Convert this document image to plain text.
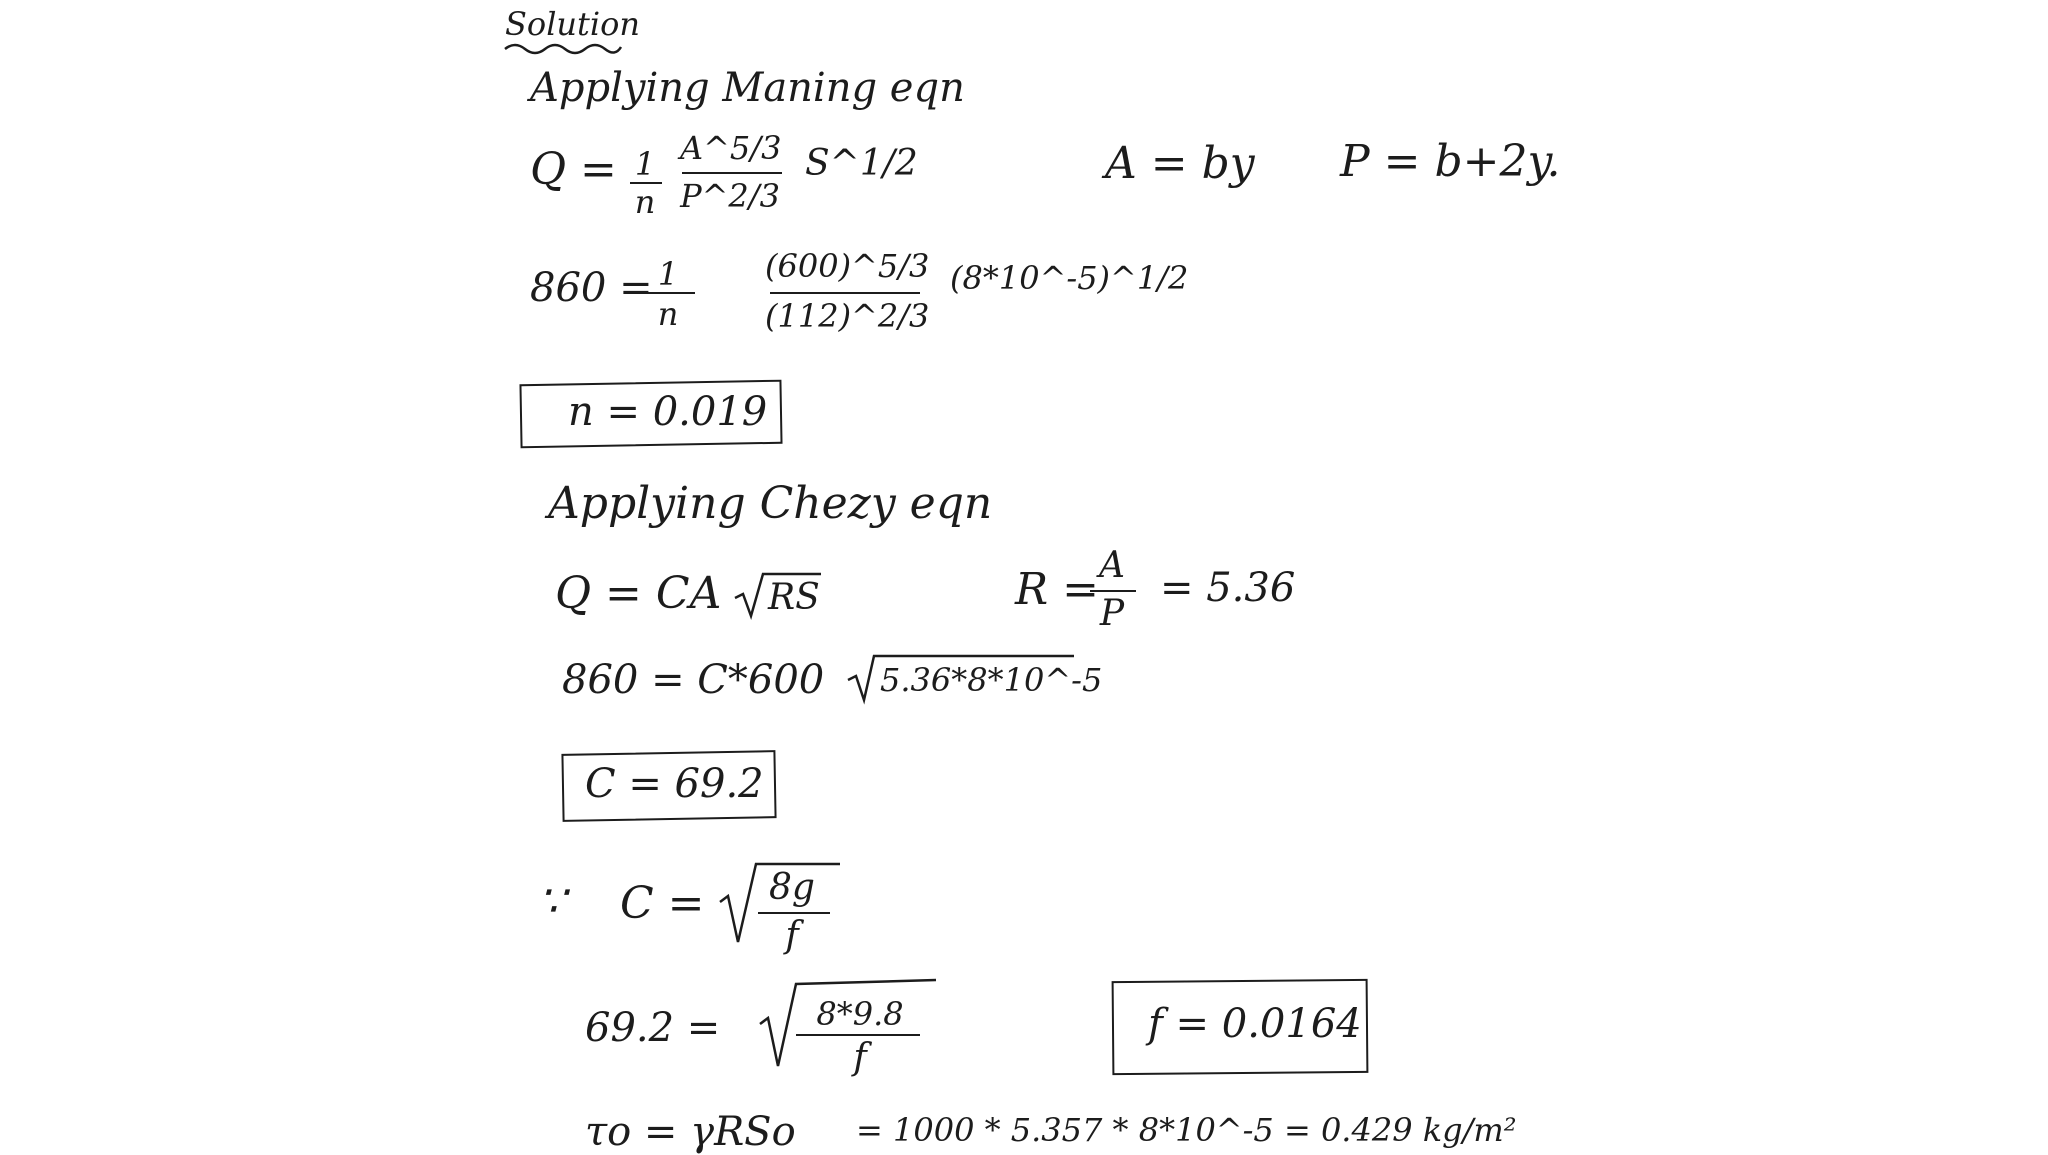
Solution
Applying Maning eqn
Q = 1
n
A^5/3
P^2/3
S^1/2	A = by P = b+2y.
860 = 1
n
(600)^5/3
(112)^2/3
(8*10^-5)^1/2
n = 0.019
Applying Chezy eqn
Q = CA RS	R = A
P
= 5.36
860 = C*600 5.36*8*10^-5
C = 69.2
∵ C = 8g
f
69.2 =	8*9.8
f
f = 0.0164
τo = γRSo = 1000 * 5.357 * 8*10^-5 = 0.429 kg/m²
